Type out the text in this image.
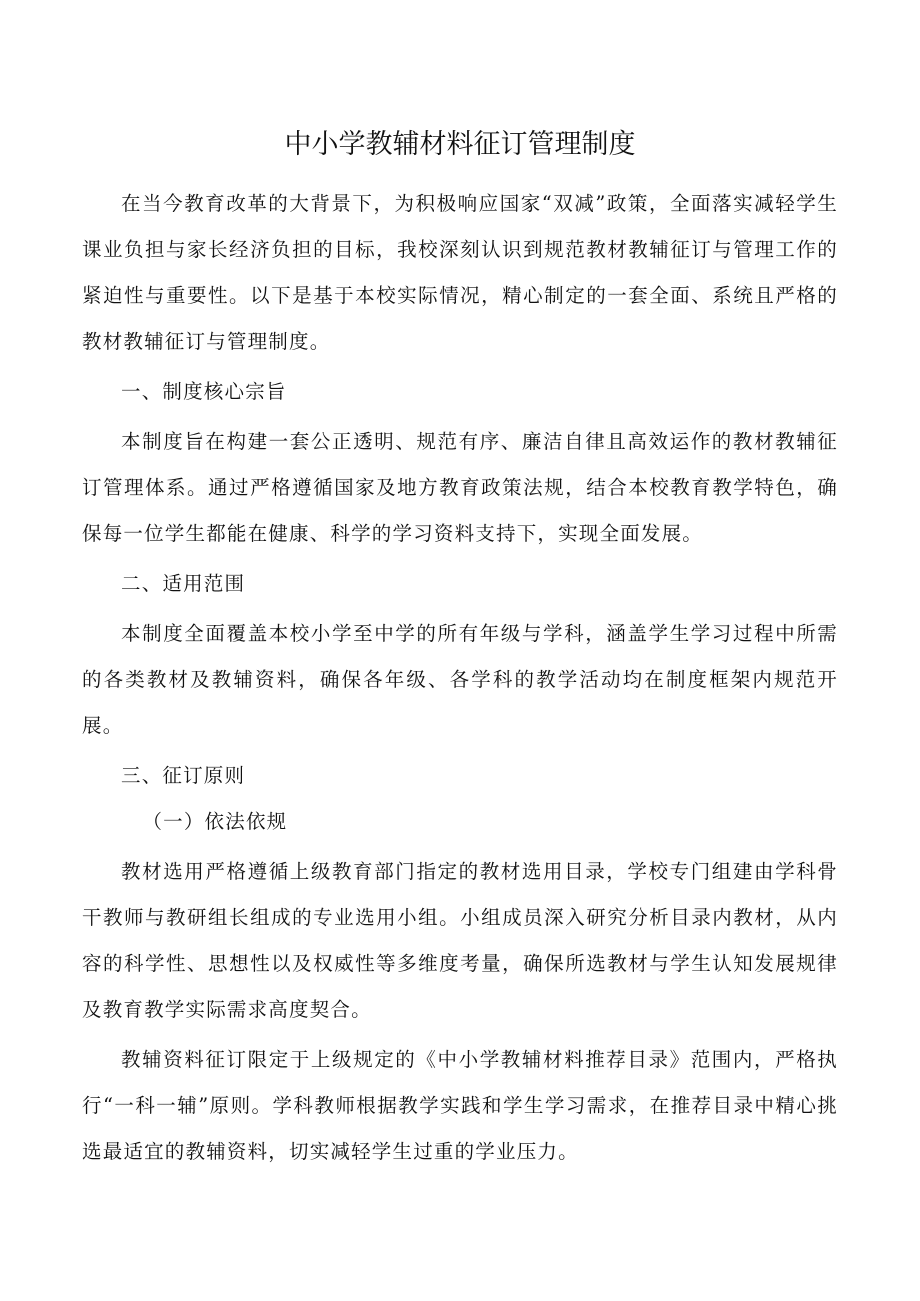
中小学教辅材料征订管理制度

在当今教育改革的大背景下，为积极响应国家“双减”政策，全面落实减轻学生课业负担与家长经济负担的目标，我校深刻认识到规范教材教辅征订与管理工作的紧迫性与重要性。以下是基于本校实际情况，精心制定的一套全面、系统且严格的教材教辅征订与管理制度。

一、制度核心宗旨

本制度旨在构建一套公正透明、规范有序、廉洁自律且高效运作的教材教辅征订管理体系。通过严格遵循国家及地方教育政策法规，结合本校教育教学特色，确保每一位学生都能在健康、科学的学习资料支持下，实现全面发展。

二、适用范围

本制度全面覆盖本校小学至中学的所有年级与学科，涵盖学生学习过程中所需的各类教材及教辅资料，确保各年级、各学科的教学活动均在制度框架内规范开展。

三、征订原则

（一）依法依规

教材选用严格遵循上级教育部门指定的教材选用目录，学校专门组建由学科骨干教师与教研组长组成的专业选用小组。小组成员深入研究分析目录内教材，从内容的科学性、思想性以及权威性等多维度考量，确保所选教材与学生认知发展规律及教育教学实际需求高度契合。

教辅资料征订限定于上级规定的《中小学教辅材料推荐目录》范围内，严格执行“一科一辅”原则。学科教师根据教学实践和学生学习需求，在推荐目录中精心挑选最适宜的教辅资料，切实减轻学生过重的学业压力。
